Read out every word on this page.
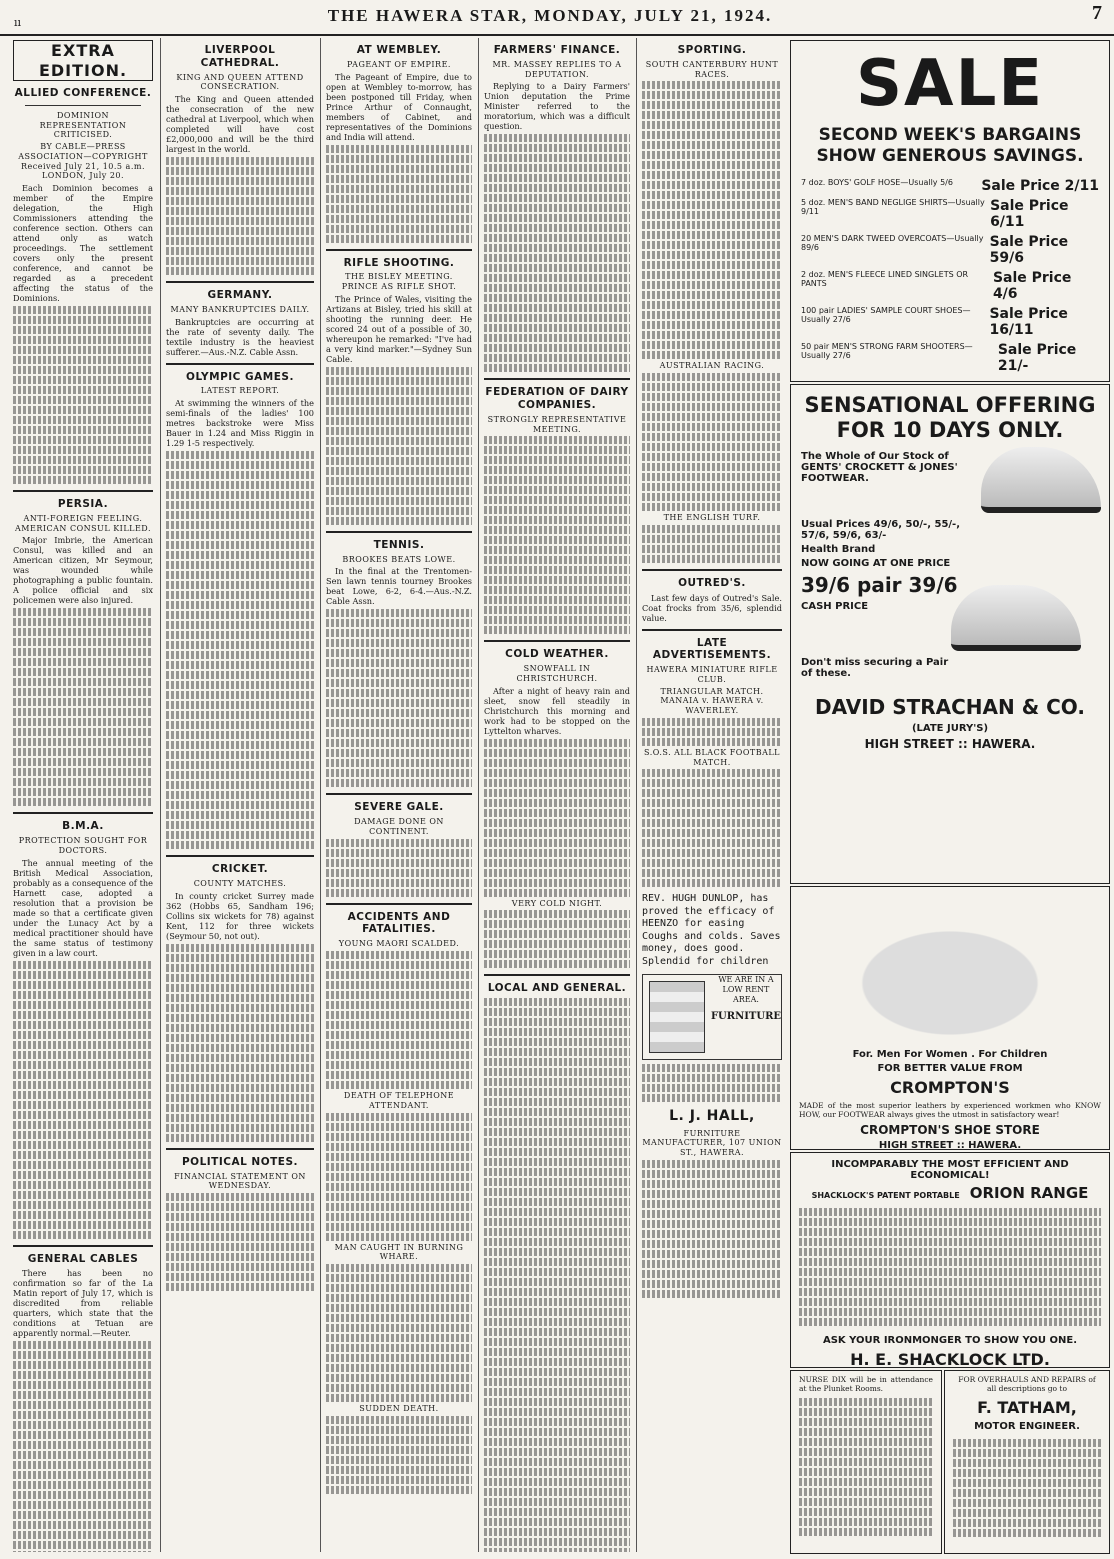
ıı	THE HAWERA STAR, MONDAY, JULY 21, 1924.	7
EXTRA EDITION.
ALLIED CONFERENCE.
DOMINION REPRESENTATION CRITICISED.
BY CABLE—PRESS ASSOCIATION—COPYRIGHT Received July 21, 10.5 a.m. LONDON, July 20.

Each Dominion becomes a member of the Empire delegation, the High Commissioners attending the conference section. Others can attend only as watch proceedings. The settlement covers only the present conference, and cannot be regarded as a precedent affecting the status of the Dominions.

PERSIA.
ANTI-FOREIGN FEELING. AMERICAN CONSUL KILLED.

Major Imbrie, the American Consul, was killed and an American citizen, Mr Seymour, was wounded while photographing a public fountain. A police official and six policemen were also injured.

B.M.A.
PROTECTION SOUGHT FOR DOCTORS.

The annual meeting of the British Medical Association, probably as a consequence of the Harnett case, adopted a resolution that a provision be made so that a certificate given under the Lunacy Act by a medical practitioner should have the same status of testimony given in a law court.

GENERAL CABLES

There has been no confirmation so far of the La Matin report of July 17, which is discredited from reliable quarters, which state that the conditions at Tetuan are apparently normal.—Reuter.

LIVERPOOL CATHEDRAL.
KING AND QUEEN ATTEND CONSECRATION.

The King and Queen attended the consecration of the new cathedral at Liverpool, which when completed will have cost £2,000,000 and will be the third largest in the world.

GERMANY.
MANY BANKRUPTCIES DAILY.

Bankruptcies are occurring at the rate of seventy daily. The textile industry is the heaviest sufferer.—Aus.-N.Z. Cable Assn.

OLYMPIC GAMES.
LATEST REPORT.

At swimming the winners of the semi-finals of the ladies' 100 metres backstroke were Miss Bauer in 1.24 and Miss Riggin in 1.29 1-5 respectively.

CRICKET.
COUNTY MATCHES.

In county cricket Surrey made 362 (Hobbs 65, Sandham 196; Collins six wickets for 78) against Kent, 112 for three wickets (Seymour 50, not out).

POLITICAL NOTES.
FINANCIAL STATEMENT ON WEDNESDAY.
AT WEMBLEY.
PAGEANT OF EMPIRE.

The Pageant of Empire, due to open at Wembley to-morrow, has been postponed till Friday, when Prince Arthur of Connaught, members of Cabinet, and representatives of the Dominions and India will attend.

RIFLE SHOOTING.
THE BISLEY MEETING. PRINCE AS RIFLE SHOT.

The Prince of Wales, visiting the Artizans at Bisley, tried his skill at shooting the running deer. He scored 24 out of a possible of 30, whereupon he remarked: "I've had a very kind marker."—Sydney Sun Cable.

TENNIS.
BROOKES BEATS LOWE.

In the final at the Trentomen-Sen lawn tennis tourney Brookes beat Lowe, 6-2, 6-4.—Aus.-N.Z. Cable Assn.

SEVERE GALE.
DAMAGE DONE ON CONTINENT.
ACCIDENTS AND FATALITIES.
YOUNG MAORI SCALDED.
DEATH OF TELEPHONE ATTENDANT.
MAN CAUGHT IN BURNING WHARE.
SUDDEN DEATH.
FARMERS' FINANCE.
MR. MASSEY REPLIES TO A DEPUTATION.

Replying to a Dairy Farmers' Union deputation the Prime Minister referred to the moratorium, which was a difficult question.

FEDERATION OF DAIRY COMPANIES.
STRONGLY REPRESENTATIVE MEETING.
COLD WEATHER.
SNOWFALL IN CHRISTCHURCH.

After a night of heavy rain and sleet, snow fell steadily in Christchurch this morning and work had to be stopped on the Lyttelton wharves.

VERY COLD NIGHT.
LOCAL AND GENERAL.
SPORTING.
SOUTH CANTERBURY HUNT RACES.
AUSTRALIAN RACING.
THE ENGLISH TURF.
OUTRED'S.

Last few days of Outred's Sale. Coat frocks from 35/6, splendid value.

LATE ADVERTISEMENTS.
HAWERA MINIATURE RIFLE CLUB.
TRIANGULAR MATCH. MANAIA v. HAWERA v. WAVERLEY.
S.O.S. ALL BLACK FOOTBALL MATCH.
REV. HUGH DUNLOP, has proved the efficacy of HEENZO for easing Coughs and colds. Saves money, does good. Splendid for children
WE ARE IN A LOW RENT AREA.
FURNITURE
L. J. HALL,
FURNITURE MANUFACTURER, 107 UNION ST., HAWERA.
SALE
SECOND WEEK'S BARGAINS SHOW GENEROUS SAVINGS.
7 doz. BOYS' GOLF HOSE—Usually 5/6 Sale Price 2/11
5 doz. MEN'S BAND NEGLIGE SHIRTS—Usually 9/11	Sale Price 6/11
20 MEN'S DARK TWEED OVERCOATS—Usually 89/6	Sale Price 59/6
2 doz. MEN'S FLEECE LINED SINGLETS OR PANTS	Sale Price 4/6
100 pair LADIES' SAMPLE COURT SHOES—Usually 27/6	Sale Price 16/11
50 pair MEN'S STRONG FARM SHOOTERS—Usually 27/6	Sale Price 21/-
SENSATIONAL OFFERING FOR 10 DAYS ONLY.
The Whole of Our Stock of GENTS' CROCKETT & JONES' FOOTWEAR.
Usual Prices 49/6, 50/-, 55/-, 57/6, 59/6, 63/-
Health Brand
NOW GOING AT ONE PRICE
39/6 pair 39/6
CASH PRICE
Don't miss securing a Pair of these.
DAVID STRACHAN & CO.
(LATE JURY'S)
HIGH STREET :: HAWERA.
For. Men For Women . For Children
FOR BETTER VALUE FROM
CROMPTON'S
MADE of the most superior leathers by experienced workmen who KNOW HOW, our FOOTWEAR always gives the utmost in satisfactory wear!
CROMPTON'S SHOE STORE
HIGH STREET :: HAWERA.
INCOMPARABLY THE MOST EFFICIENT AND ECONOMICAL!
SHACKLOCK'S PATENT PORTABLE ORION RANGE
ASK YOUR IRONMONGER TO SHOW YOU ONE.
H. E. SHACKLOCK LTD.
NURSE DIX will be in attendance at the Plunket Rooms.
FOR OVERHAULS AND REPAIRS of all descriptions go to
F. TATHAM,
MOTOR ENGINEER.
